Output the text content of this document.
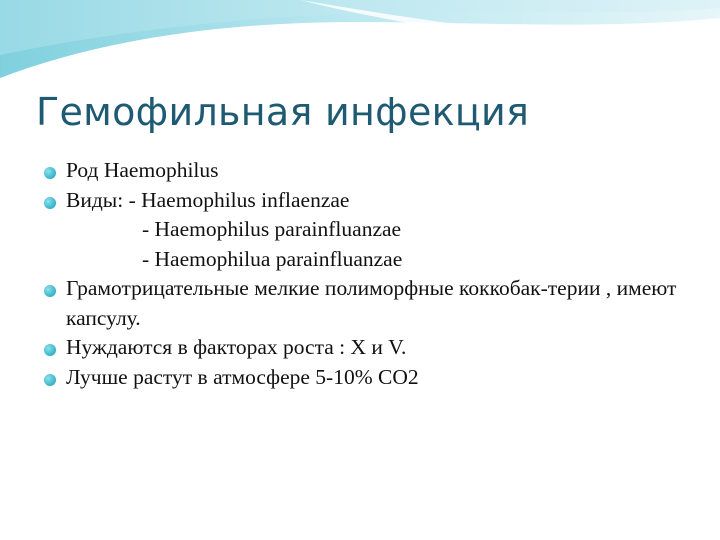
Гемофильная инфекция
Род Haemophilus
Виды: - Haemophilus inflaenzae
- Haemophilus parainfluanzae
- Haemophilua parainfluanzae
Грамотрицательные мелкие полиморфные коккобак-терии , имеют капсулу.
Нуждаются в факторах роста : X и V.
Лучше растут в атмосфере 5-10% CO2
